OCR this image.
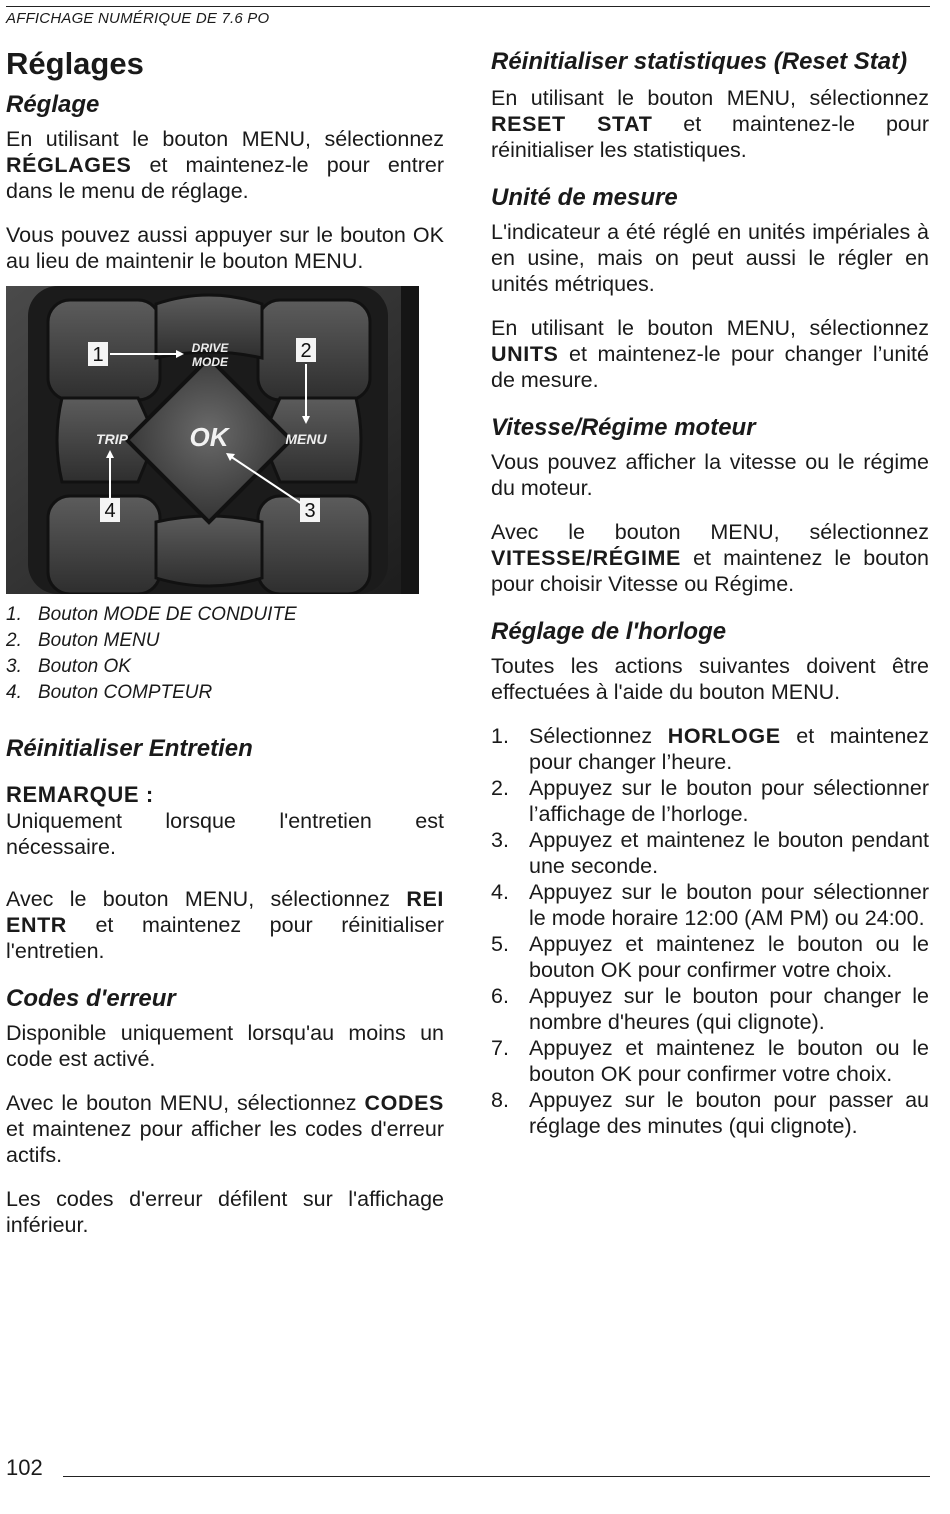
AFFICHAGE NUMÉRIQUE DE 7.6 PO
Réglages
Réglage

En utilisant le bouton MENU, sélectionnez RÉGLAGES et maintenez-le pour entrer dans le menu de réglage.

Vous pouvez aussi appuyer sur le bouton OK au lieu de maintenir le bouton MENU.

DRIVE
MODE
OK
TRIP	MENU
1	2
3
4
1. Bouton MODE DE CONDUITE
2. Bouton MENU
3. Bouton OK
4. Bouton COMPTEUR
Réinitialiser Entretien
REMARQUE :

Uniquement lorsque l'entretien est nécessaire.

Avec le bouton MENU, sélectionnez REI ENTR et maintenez pour réinitialiser l'entretien.

Codes d'erreur

Disponible uniquement lorsqu'au moins un code est activé.

Avec le bouton MENU, sélectionnez CODES et maintenez pour afficher les codes d'erreur actifs.

Les codes d'erreur défilent sur l'affichage inférieur.

Réinitialiser statistiques (Reset Stat)

En utilisant le bouton MENU, sélectionnez RESET STAT et maintenez-le pour réinitialiser les statistiques.

Unité de mesure

L'indicateur a été réglé en unités impériales à en usine, mais on peut aussi le régler en unités métriques.

En utilisant le bouton MENU, sélectionnez UNITS et maintenez-le pour changer l’unité de mesure.

Vitesse/Régime moteur

Vous pouvez afficher la vitesse ou le régime du moteur.

Avec le bouton MENU, sélectionnez VITESSE/RÉGIME et maintenez le bouton pour choisir Vitesse ou Régime.

Réglage de l'horloge

Toutes les actions suivantes doivent être effectuées à l'aide du bouton MENU.

1. Sélectionnez HORLOGE et maintenez pour changer l’heure.
2. Appuyez sur le bouton pour sélectionner l’affichage de l’horloge.
3. Appuyez et maintenez le bouton pendant une seconde.
4. Appuyez sur le bouton pour sélectionner le mode horaire 12:00 (AM PM) ou 24:00.
5. Appuyez et maintenez le bouton ou le bouton OK pour confirmer votre choix.
6. Appuyez sur le bouton pour changer le nombre d'heures (qui clignote).
7. Appuyez et maintenez le bouton ou le bouton OK pour confirmer votre choix.
8. Appuyez sur le bouton pour passer au réglage des minutes (qui clignote).
102
